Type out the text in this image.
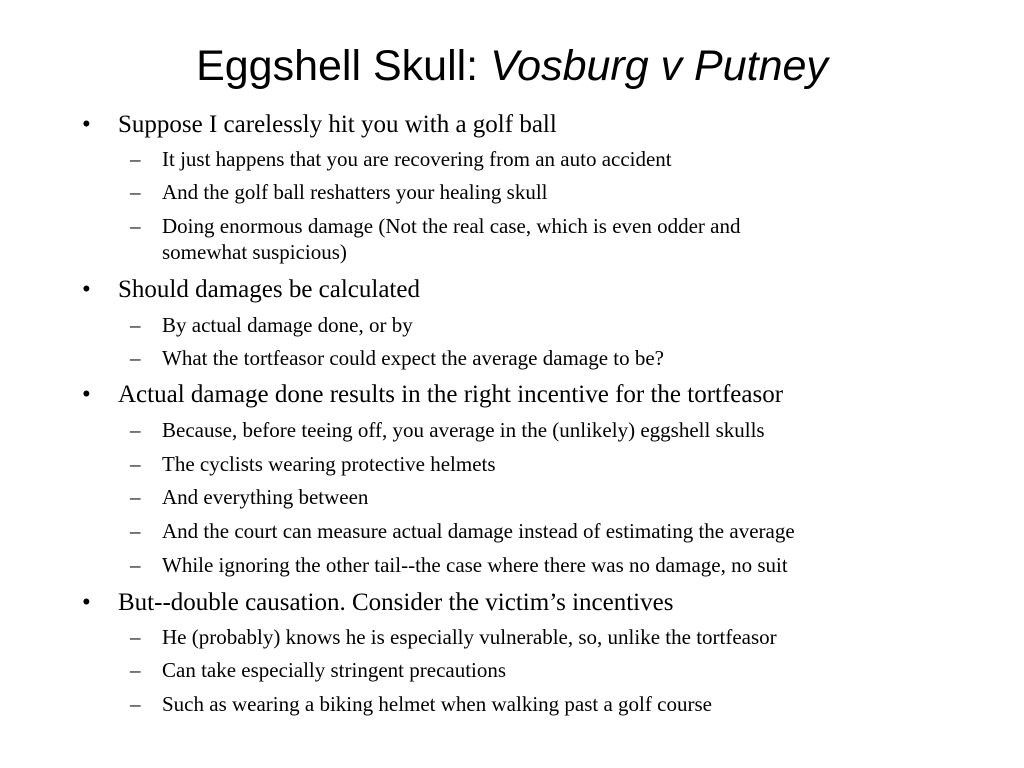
Eggshell Skull: Vosburg v Putney
• Suppose I carelessly hit you with a golf ball
– It just happens that you are recovering from an auto accident
– And the golf ball reshatters your healing skull
– Doing enormous damage (Not the real case, which is even odder and
somewhat suspicious)
• Should damages be calculated
– By actual damage done, or by
– What the tortfeasor could expect the average damage to be?
• Actual damage done results in the right incentive for the tortfeasor
– Because, before teeing off, you average in the (unlikely) eggshell skulls
– The cyclists wearing protective helmets
– And everything between
– And the court can measure actual damage instead of estimating the average
– While ignoring the other tail--the case where there was no damage, no suit
• But--double causation. Consider the victim’s incentives
– He (probably) knows he is especially vulnerable, so, unlike the tortfeasor
– Can take especially stringent precautions
– Such as wearing a biking helmet when walking past a golf course
